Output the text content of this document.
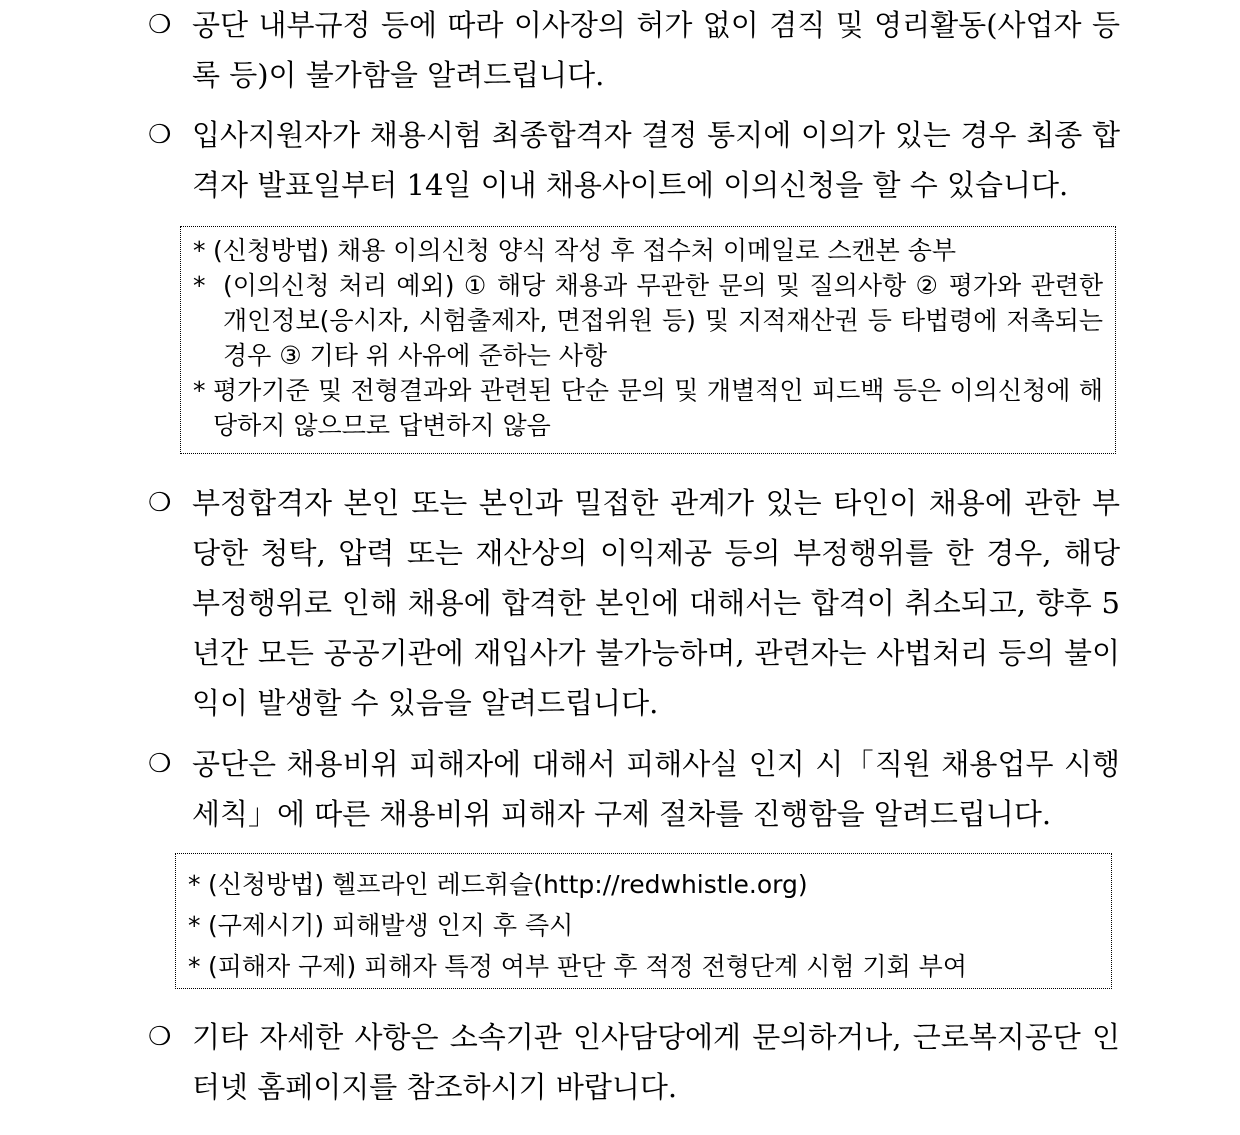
❍ 공단 내부규정 등에 따라 이사장의 허가 없이 겸직 및 영리활동(사업자 등록 등)이 불가함을 알려드립니다.
❍ 입사지원자가 채용시험 최종합격자 결정 통지에 이의가 있는 경우 최종 합격자 발표일부터 14일 이내 채용사이트에 이의신청을 할 수 있습니다.
* (신청방법) 채용 이의신청 양식 작성 후 접수처 이메일로 스캔본 송부
* (이의신청 처리 예외) ① 해당 채용과 무관한 문의 및 질의사항 ② 평가와 관련한 개인정보(응시자, 시험출제자, 면접위원 등) 및 지적재산권 등 타법령에 저촉되는 경우 ③ 기타 위 사유에 준하는 사항
* 평가기준 및 전형결과와 관련된 단순 문의 및 개별적인 피드백 등은 이의신청에 해당하지 않으므로 답변하지 않음
❍ 부정합격자 본인 또는 본인과 밀접한 관계가 있는 타인이 채용에 관한 부당한 청탁, 압력 또는 재산상의 이익제공 등의 부정행위를 한 경우, 해당 부정행위로 인해 채용에 합격한 본인에 대해서는 합격이 취소되고, 향후 5년간 모든 공공기관에 재입사가 불가능하며, 관련자는 사법처리 등의 불이익이 발생할 수 있음을 알려드립니다.
❍ 공단은 채용비위 피해자에 대해서 피해사실 인지 시「직원 채용업무 시행세칙」에 따른 채용비위 피해자 구제 절차를 진행함을 알려드립니다.
* (신청방법) 헬프라인 레드휘슬(http://redwhistle.org)
* (구제시기) 피해발생 인지 후 즉시
* (피해자 구제) 피해자 특정 여부 판단 후 적정 전형단계 시험 기회 부여
❍ 기타 자세한 사항은 소속기관 인사담당에게 문의하거나, 근로복지공단 인터넷 홈페이지를 참조하시기 바랍니다.
